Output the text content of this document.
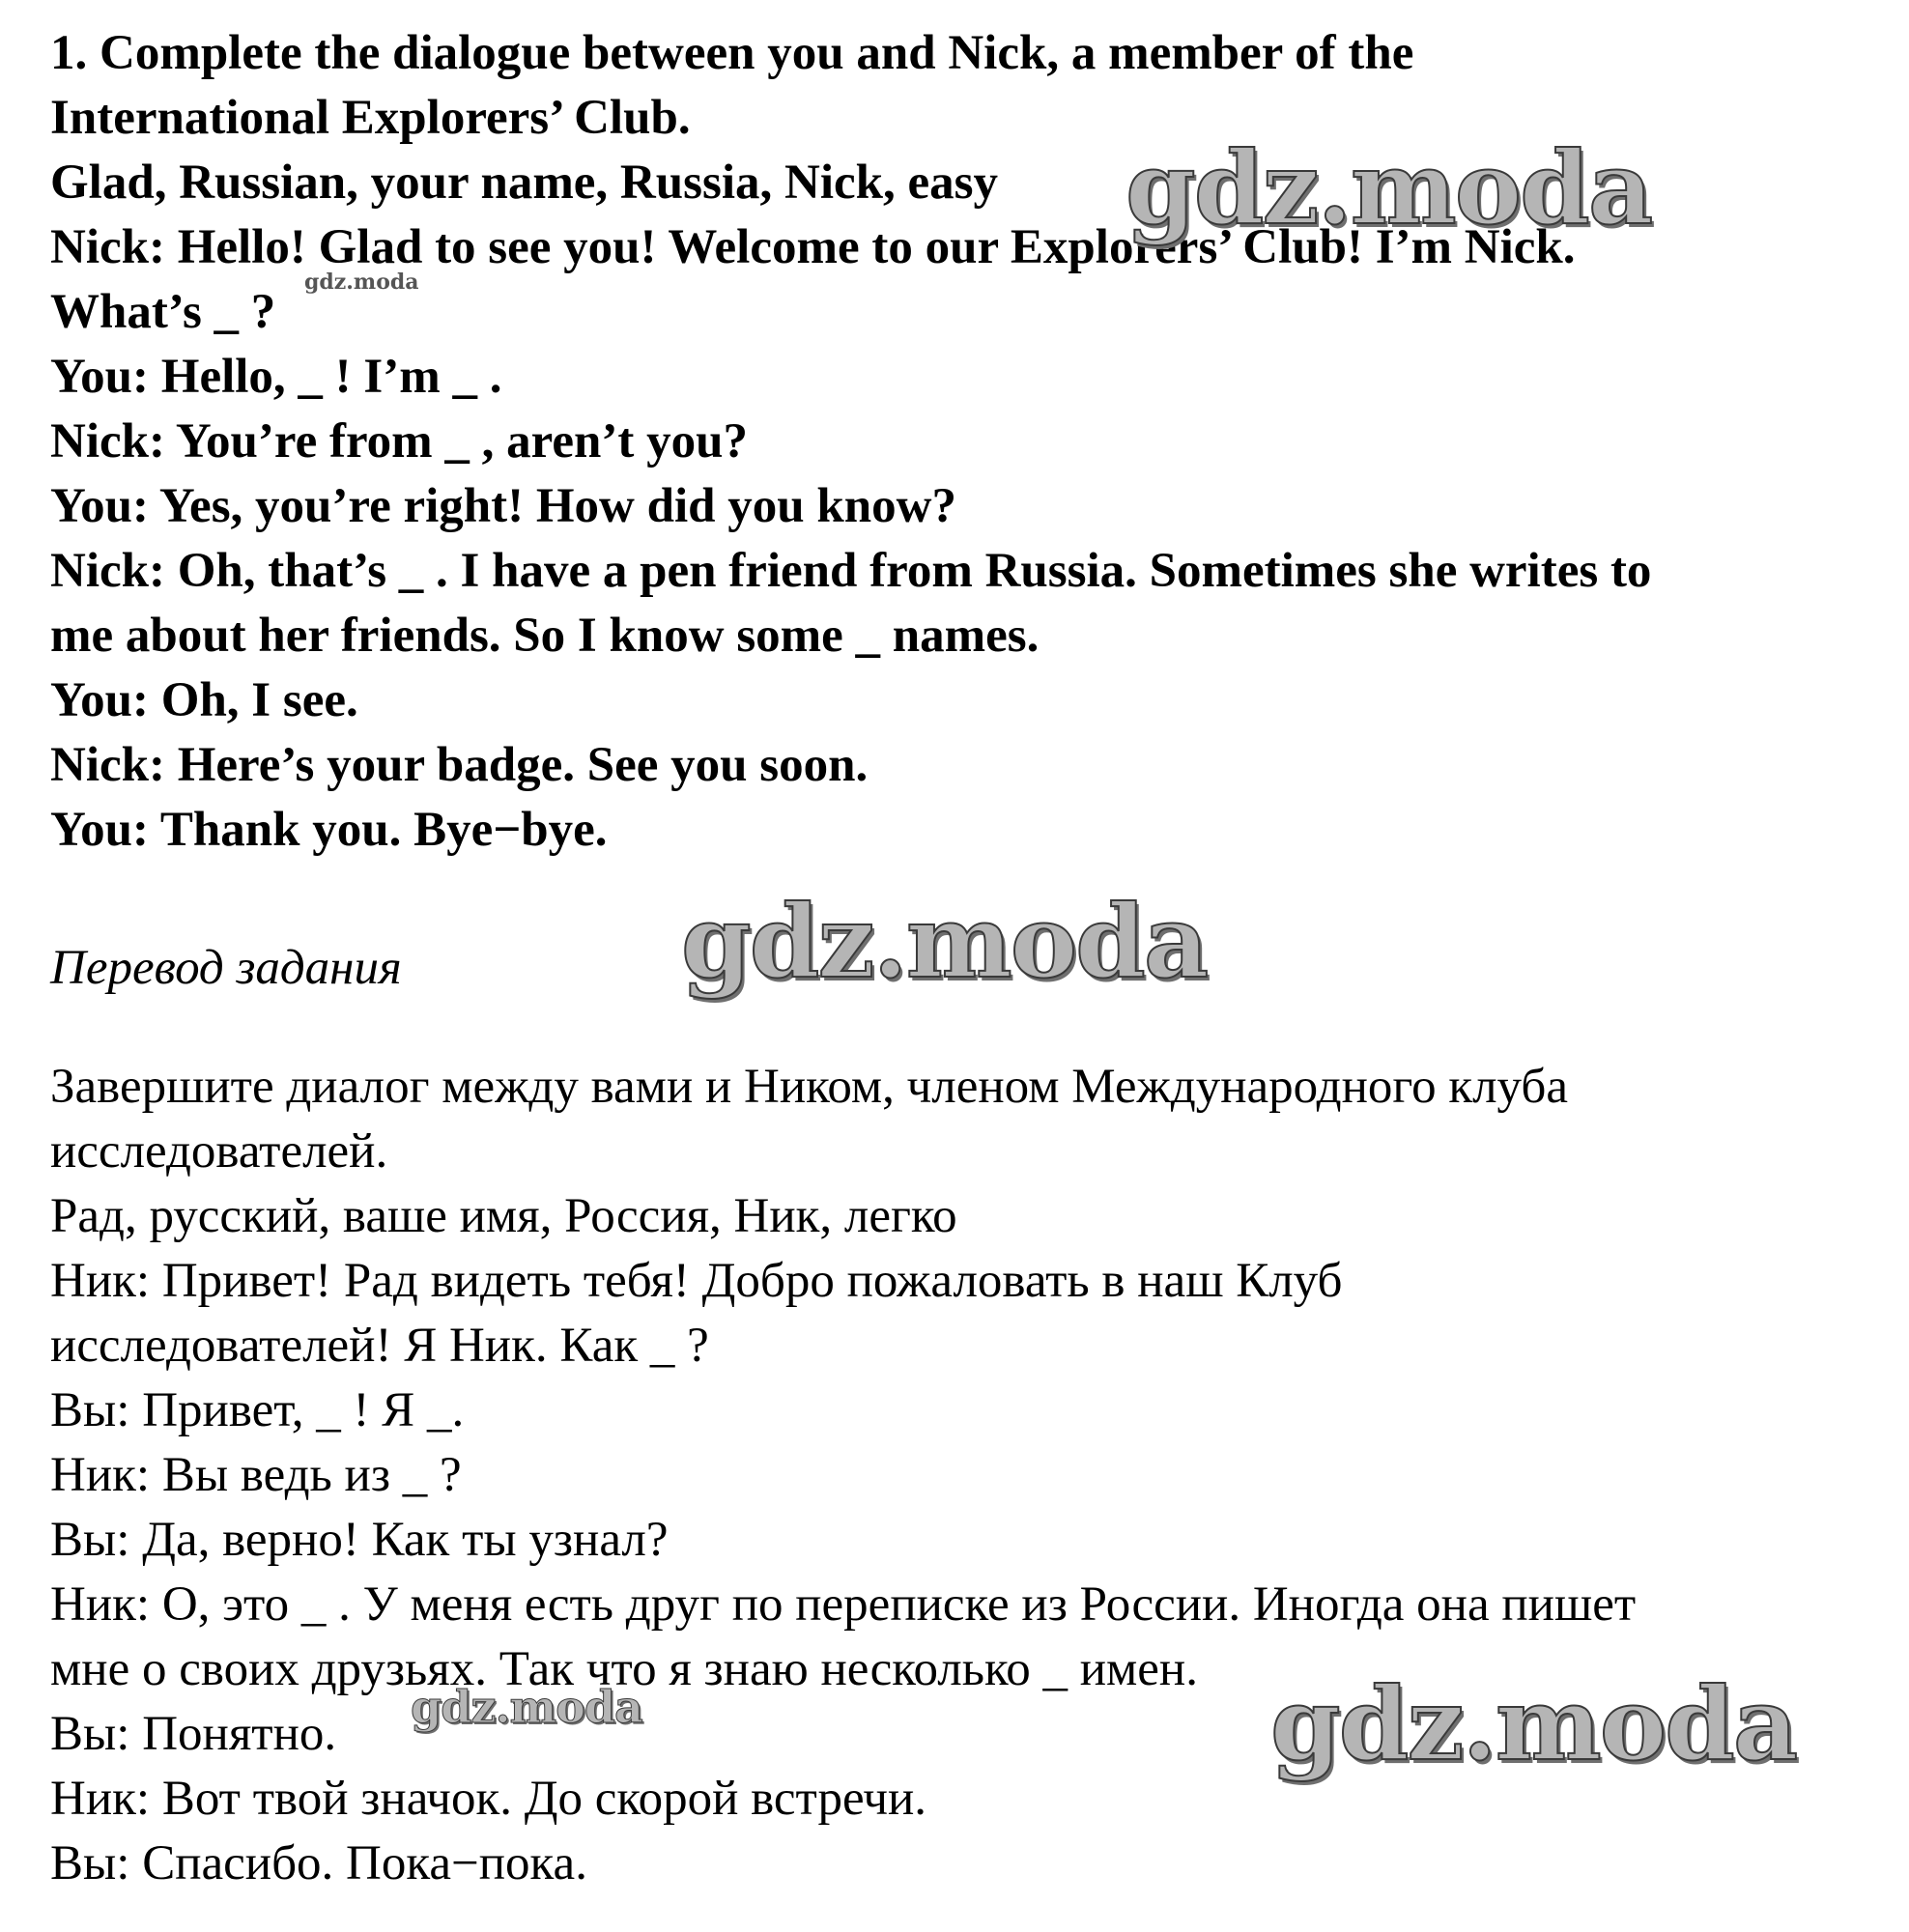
1. Complete the dialogue between you and Nick, a member of the

International Explorers’ Club.

Glad, Russian, your name, Russia, Nick, easy

Nick: Hello! Glad to see you! Welcome to our Explorers’ Club! I’m Nick.

What’s _ ?

You: Hello, _ ! I’m _ .

Nick: You’re from _ , aren’t you?

You: Yes, you’re right! How did you know?

Nick: Oh, that’s _ . I have a pen friend from Russia. Sometimes she writes to

me about her friends. So I know some _ names.

You: Oh, I see.

Nick: Here’s your badge. See you soon.

You: Thank you. Bye−bye.

Перевод задания

Завершите диалог между вами и Ником, членом Международного клуба

исследователей.

Рад, русский, ваше имя, Россия, Ник, легко

Ник: Привет! Рад видеть тебя! Добро пожаловать в наш Клуб

исследователей! Я Ник. Как _ ?

Вы: Привет, _ ! Я _.

Ник: Вы ведь из _ ?

Вы: Да, верно! Как ты узнал?

Ник: О, это _ . У меня есть друг по переписке из России. Иногда она пишет

мне о своих друзьях. Так что я знаю несколько _ имен.

Вы: Понятно.

Ник: Вот твой значок. До скорой встречи.

Вы: Спасибо. Пока−пока.

gdz.moda
gdz.moda
gdz.moda
gdz.moda	gdz.moda
